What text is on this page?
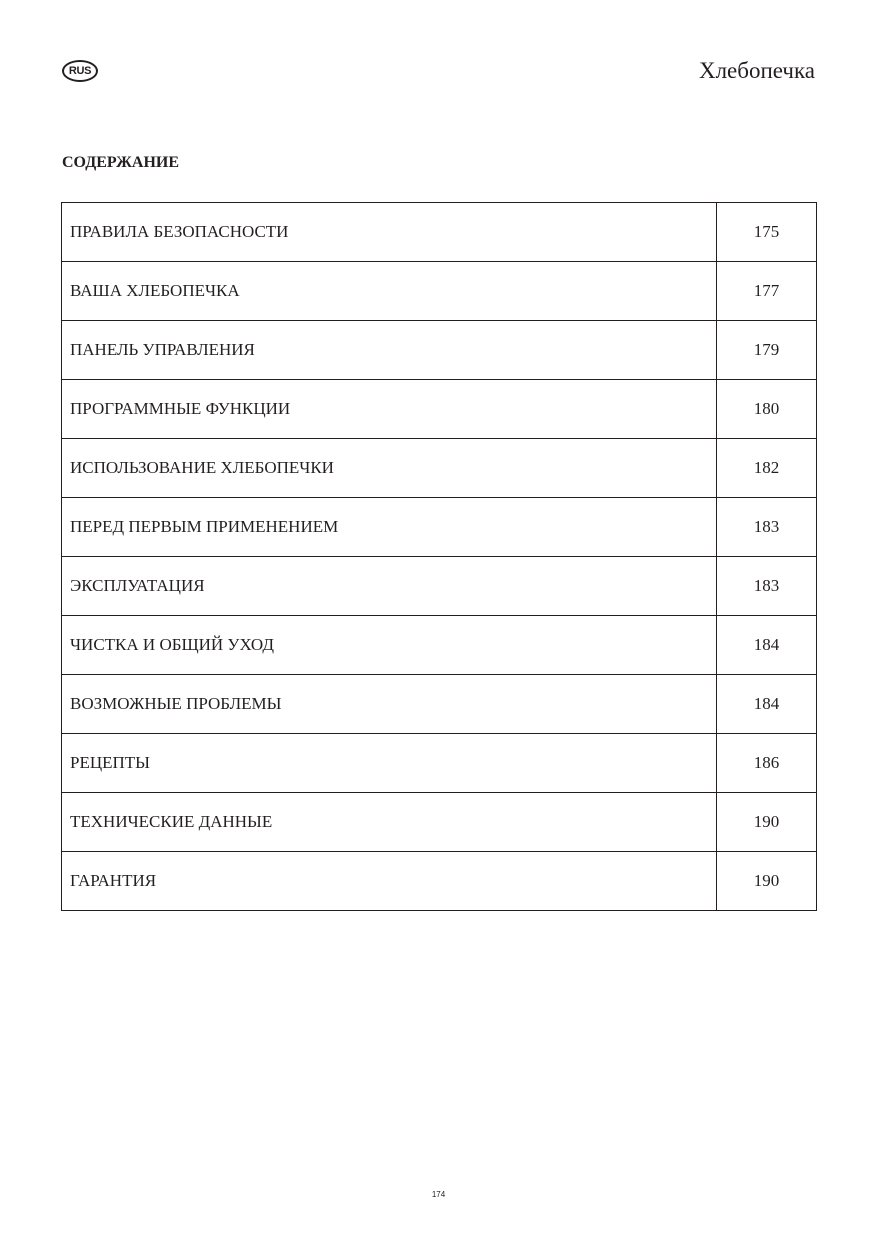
RUS	Хлебопечка
СОДЕРЖАНИЕ
ПРАВИЛА БЕЗОПАСНОСТИ	175
ВАША ХЛЕБОПЕЧКА	177
ПАНЕЛЬ УПРАВЛЕНИЯ	179
ПРОГРАММНЫЕ ФУНКЦИИ	180
ИСПОЛЬЗОВАНИЕ ХЛЕБОПЕЧКИ	182
ПЕРЕД ПЕРВЫМ ПРИМЕНЕНИЕМ	183
ЭКСПЛУАТАЦИЯ	183
ЧИСТКА И ОБЩИЙ УХОД	184
ВОЗМОЖНЫЕ ПРОБЛЕМЫ	184
РЕЦЕПТЫ	186
ТЕХНИЧЕСКИЕ ДАННЫЕ	190
ГАРАНТИЯ	190
174
